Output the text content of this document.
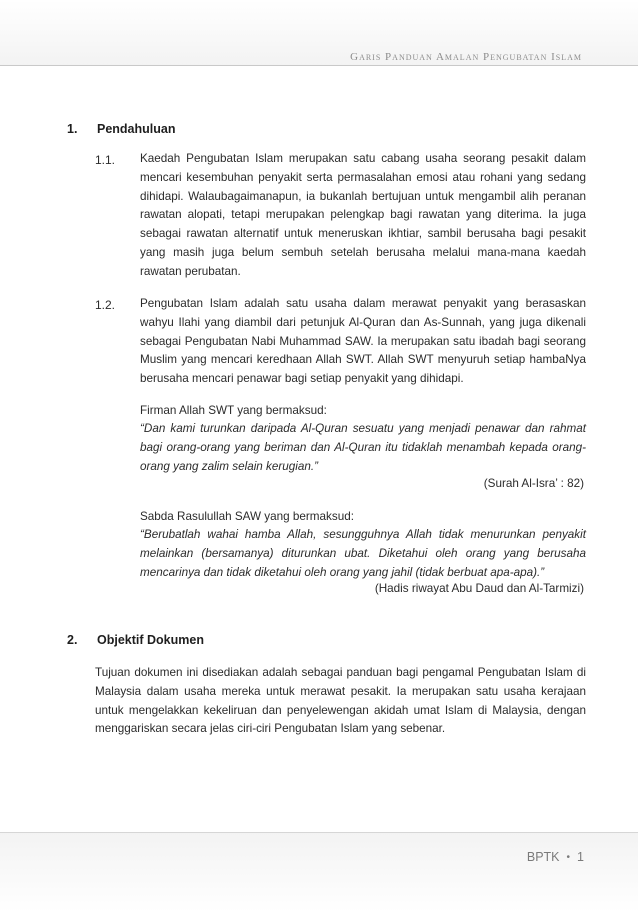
Garis Panduan Amalan Pengubatan Islam
1. Pendahuluan
1.1. Kaedah Pengubatan Islam merupakan satu cabang usaha seorang pesakit dalam mencari kesembuhan penyakit serta permasalahan emosi atau rohani yang sedang dihidapi. Walaubagaimanapun, ia bukanlah bertujuan untuk mengambil alih peranan rawatan alopati, tetapi merupakan pelengkap bagi rawatan yang diterima. Ia juga sebagai rawatan alternatif untuk meneruskan ikhtiar, sambil berusaha bagi pesakit yang masih juga belum sembuh setelah berusaha melalui mana-mana kaedah rawatan perubatan.
1.2. Pengubatan Islam adalah satu usaha dalam merawat penyakit yang berasaskan wahyu Ilahi yang diambil dari petunjuk Al-Quran dan As-Sunnah, yang juga dikenali sebagai Pengubatan Nabi Muhammad SAW. Ia merupakan satu ibadah bagi seorang Muslim yang mencari keredhaan Allah SWT. Allah SWT menyuruh setiap hambaNya berusaha mencari penawar bagi setiap penyakit yang dihidapi.
Firman Allah SWT yang bermaksud:
“Dan kami turunkan daripada Al-Quran sesuatu yang menjadi penawar dan rahmat bagi orang-orang yang beriman dan Al-Quran itu tidaklah menambah kepada orang-orang yang zalim selain kerugian.”
(Surah Al-Isra’ : 82)
Sabda Rasulullah SAW yang bermaksud:
“Berubatlah wahai hamba Allah, sesungguhnya Allah tidak menurunkan penyakit melainkan (bersamanya) diturunkan ubat. Diketahui oleh orang yang berusaha mencarinya dan tidak diketahui oleh orang yang jahil (tidak berbuat apa-apa).”
(Hadis riwayat Abu Daud dan Al-Tarmizi)
2. Objektif Dokumen
Tujuan dokumen ini disediakan adalah sebagai panduan bagi pengamal Pengubatan Islam di Malaysia dalam usaha mereka untuk merawat pesakit. Ia merupakan satu usaha kerajaan untuk mengelakkan kekeliruan dan penyelewengan akidah umat Islam di Malaysia, dengan menggariskan secara jelas ciri-ciri Pengubatan Islam yang sebenar.
BPTK • 1
